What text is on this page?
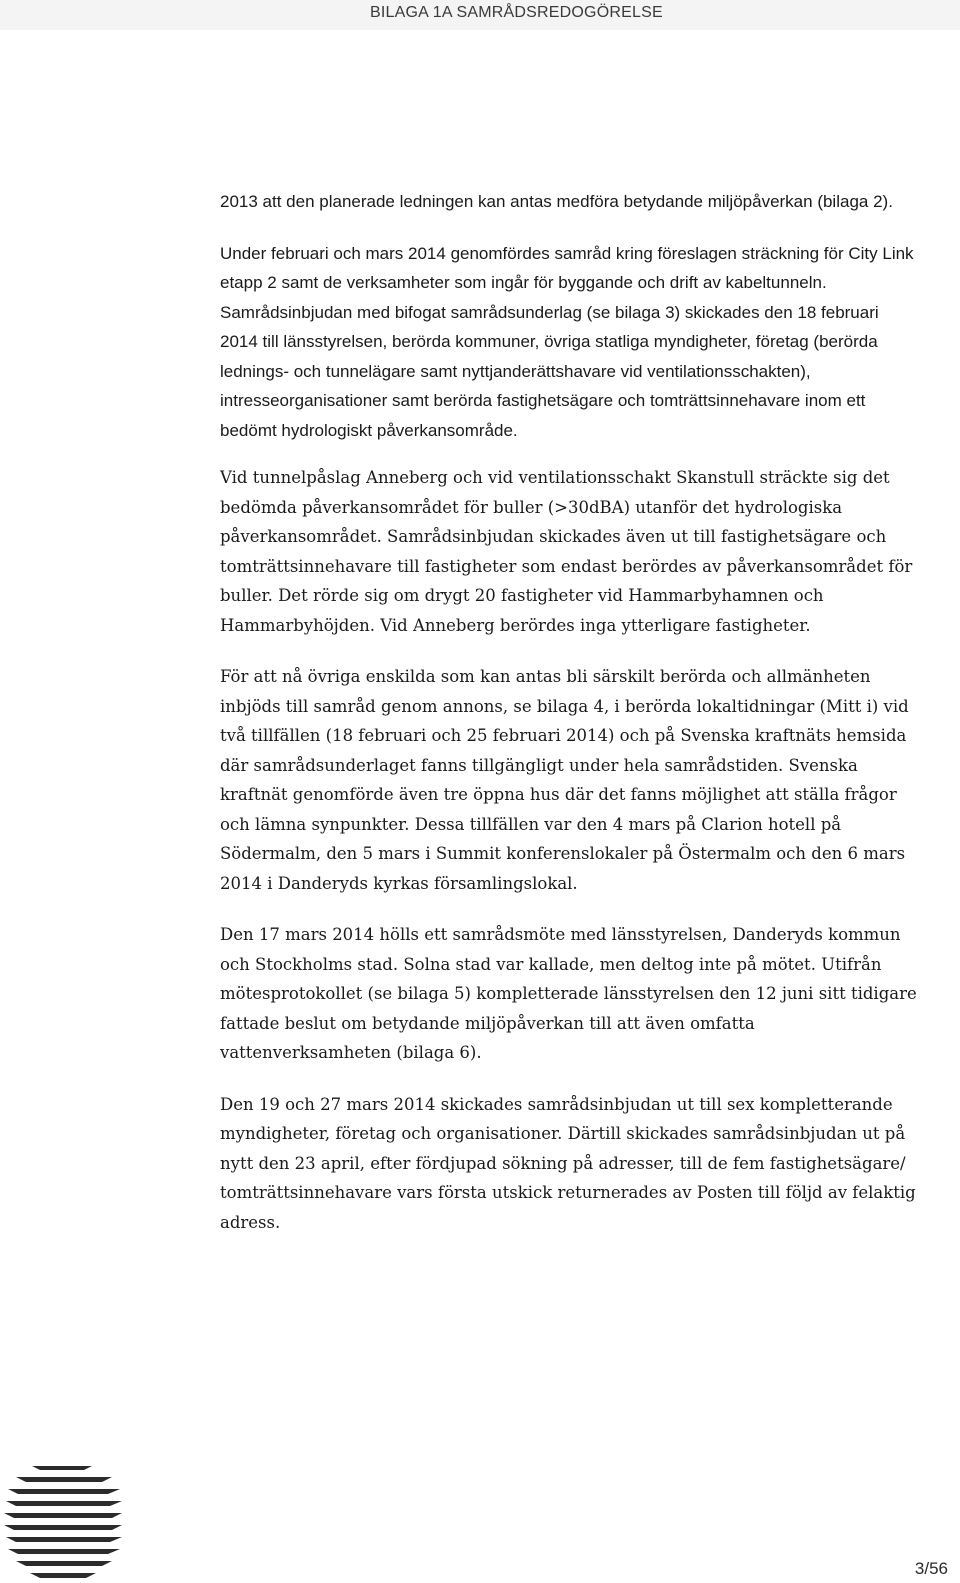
BILAGA 1A SAMRÅDSREDOGÖRELSE

2013 att den planerade ledningen kan antas medföra betydande miljöpåverkan (bilaga 2).

Under februari och mars 2014 genomfördes samråd kring föreslagen sträckning för City Link etapp 2 samt de verksamheter som ingår för byggande och drift av kabeltunneln. Samrådsinbjudan med bifogat samrådsunderlag (se bilaga 3) skickades den 18 februari 2014 till länsstyrelsen, berörda kommuner, övriga statliga myndigheter, företag (berörda lednings- och tunnelägare samt nyttjanderättshavare vid ventilationsschakten), intresseorganisationer samt berörda fastighetsägare och tomträttsinnehavare inom ett bedömt hydrologiskt påverkansområde.

Vid tunnelpåslag Anneberg och vid ventilationsschakt Skanstull sträckte sig det bedömda påverkansområdet för buller (>30dBA) utanför det hydrologiska påverkansområdet. Samrådsinbjudan skickades även ut till fastighetsägare och tomträttsinnehavare till fastigheter som endast berördes av påverkansområdet för buller. Det rörde sig om drygt 20 fastigheter vid Hammarbyhamnen och Hammarbyhöjden. Vid Anneberg berördes inga ytterligare fastigheter.

För att nå övriga enskilda som kan antas bli särskilt berörda och allmänheten inbjöds till samråd genom annons, se bilaga 4, i berörda lokaltidningar (Mitt i) vid två tillfällen (18 februari och 25 februari 2014) och på Svenska kraftnäts hemsida där samrådsunderlaget fanns tillgängligt under hela samrådstiden. Svenska kraftnät genomförde även tre öppna hus där det fanns möjlighet att ställa frågor och lämna synpunkter. Dessa tillfällen var den 4 mars på Clarion hotell på Södermalm, den 5 mars i Summit konferenslokaler på Östermalm och den 6 mars 2014 i Danderyds kyrkas församlingslokal.

Den 17 mars 2014 hölls ett samrådsmöte med länsstyrelsen, Danderyds kommun och Stockholms stad. Solna stad var kallade, men deltog inte på mötet. Utifrån mötesprotokollet (se bilaga 5) kompletterade länsstyrelsen den 12 juni sitt tidigare fattade beslut om betydande miljöpåverkan till att även omfatta vattenverksamheten (bilaga 6).

Den 19 och 27 mars 2014 skickades samrådsinbjudan ut till sex kompletterande myndigheter, företag och organisationer. Därtill skickades samrådsinbjudan ut på nytt den 23 april, efter fördjupad sökning på adresser, till de fem fastighetsägare/ tomträttsinnehavare vars första utskick returnerades av Posten till följd av felaktig adress.

3/56
